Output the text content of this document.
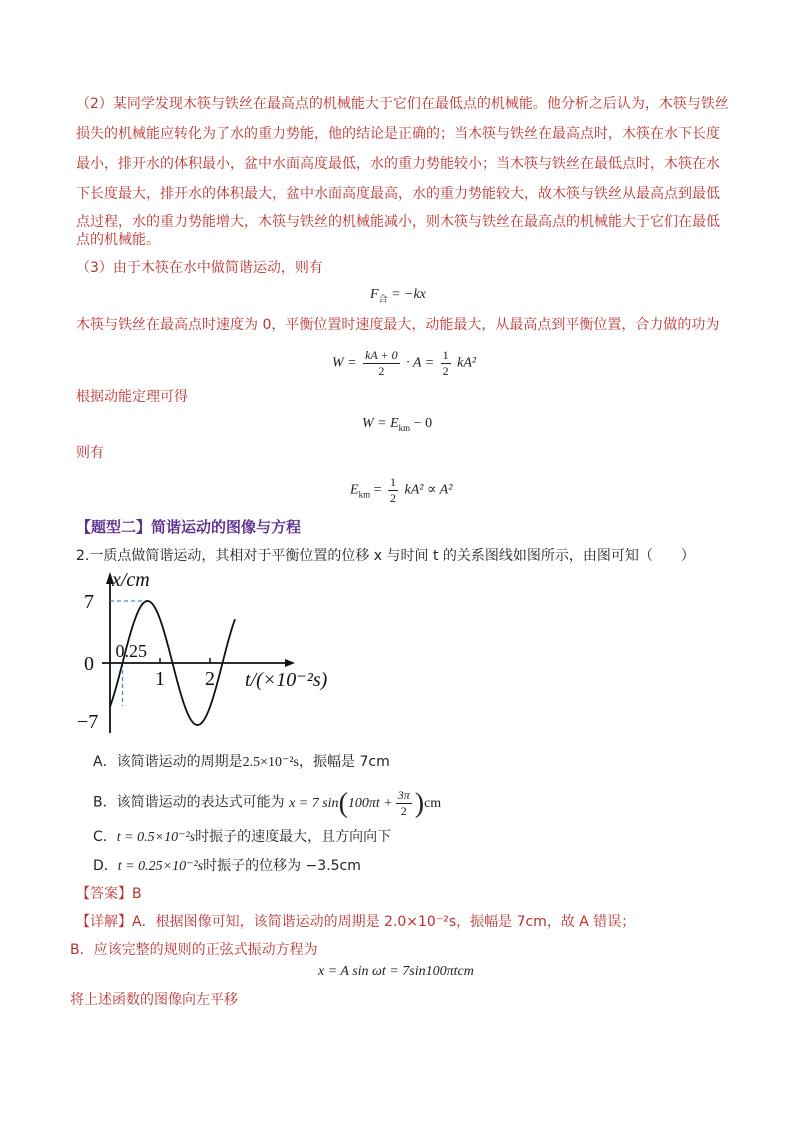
（2）某同学发现木筷与铁丝在最高点的机械能大于它们在最低点的机械能。他分析之后认为，木筷与铁丝
损失的机械能应转化为了水的重力势能，他的结论是正确的；当木筷与铁丝在最高点时，木筷在水下长度
最小，排开水的体积最小，盆中水面高度最低，水的重力势能较小；当木筷与铁丝在最低点时，木筷在水
下长度最大，排开水的体积最大，盆中水面高度最高，水的重力势能较大，故木筷与铁丝从最高点到最低
点过程，水的重力势能增大，木筷与铁丝的机械能减小，则木筷与铁丝在最高点的机械能大于它们在最低
点的机械能。
（3）由于木筷在水中做简谐运动，则有
$F_合 = -kx$
木筷与铁丝在最高点时速度为 0，平衡位置时速度最大，动能最大，从最高点到平衡位置，合力做的功为
$W = \frac{kA + 0}{2} \cdot A = \frac{1}{2} kA^2$
根据动能定理可得
$W = E_{km} - 0$
则有
$E_{km} = \frac{1}{2} kA^2 \propto A^2$
【题型二】简谐运动的图像与方程
2.一质点做简谐运动，其相对于平衡位置的位移 x 与时间 t 的关系图线如图所示，由图可知（　　）
x/cm
7
0
−7
0.25
1 2 t/(×10⁻²s)
A．该简谐运动的周期是2.5×10⁻²s，振幅是 7cm
B．该简谐运动的表达式可能为 x = 7 $\sin(100\pi t + \frac{3\pi}{2} )cm$
C．t = 0.5×10⁻²s时振子的速度最大，且方向向下
D．t = 0.25×10⁻²s时振子的位移为 −3.5cm
【答案】B
【详解】A．根据图像可知，该简谐运动的周期是 2.0×10⁻²s，振幅是 7cm，故 A 错误；
B．应该完整的规则的正弦式振动方程为
x = A sin ωt = 7sin100πtcm
将上述函数的图像向左平移
